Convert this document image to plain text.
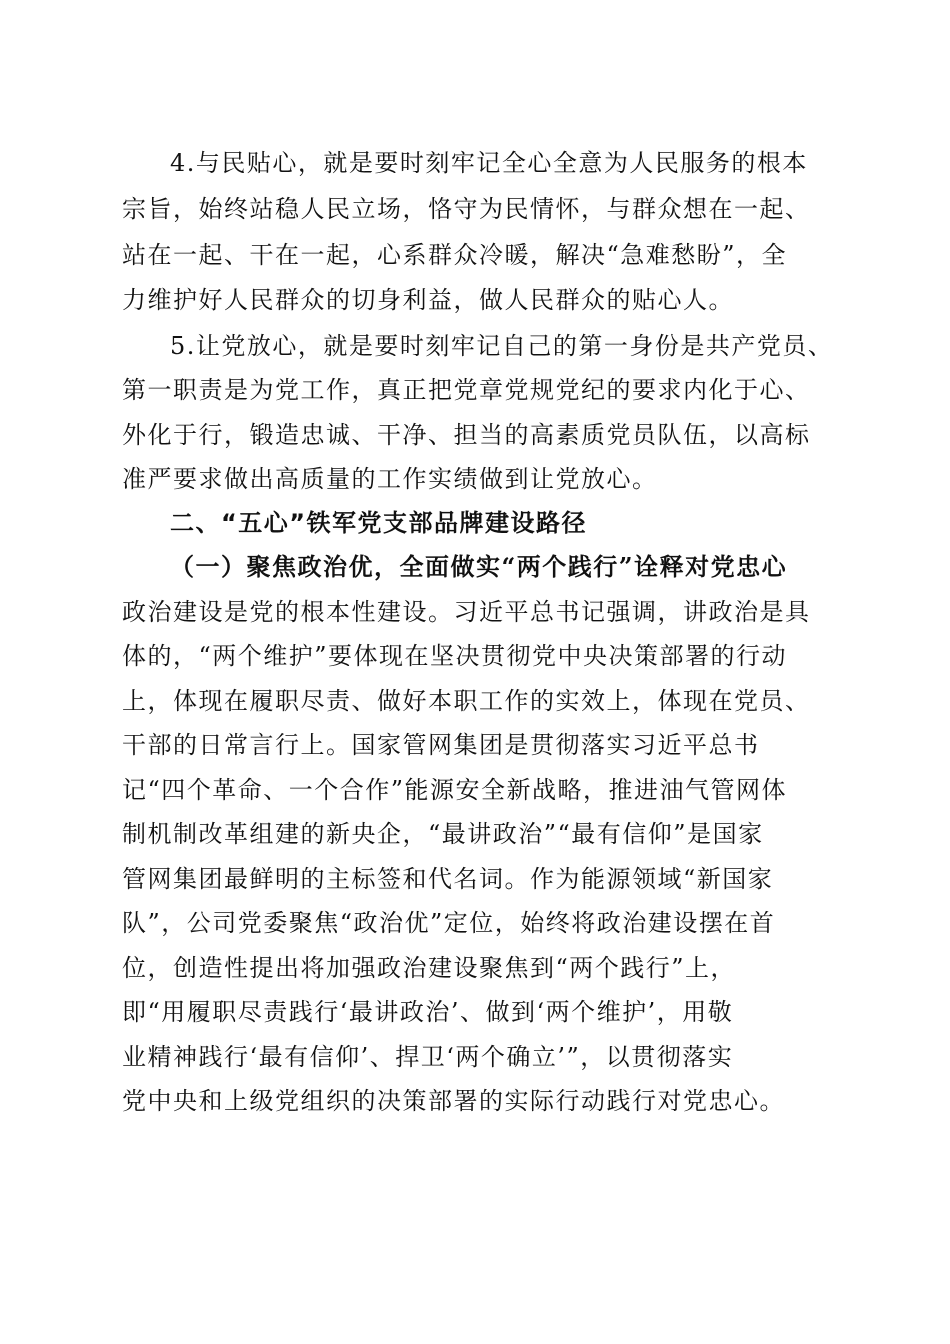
4.与民贴心，就是要时刻牢记全心全意为人民服务的根本
宗旨，始终站稳人民立场，恪守为民情怀，与群众想在一起、
站在一起、干在一起，心系群众冷暖，解决“急难愁盼”，全
力维护好人民群众的切身利益，做人民群众的贴心人。
5.让党放心，就是要时刻牢记自己的第一身份是共产党员、
第一职责是为党工作，真正把党章党规党纪的要求内化于心、
外化于行，锻造忠诚、干净、担当的高素质党员队伍，以高标
准严要求做出高质量的工作实绩做到让党放心。
二、“五心”铁军党支部品牌建设路径
（一）聚焦政治优，全面做实“两个践行”诠释对党忠心
政治建设是党的根本性建设。习近平总书记强调，讲政治是具
体的，“两个维护”要体现在坚决贯彻党中央决策部署的行动
上，体现在履职尽责、做好本职工作的实效上，体现在党员、
干部的日常言行上。国家管网集团是贯彻落实习近平总书
记“四个革命、一个合作”能源安全新战略，推进油气管网体
制机制改革组建的新央企，“最讲政治”“最有信仰”是国家
管网集团最鲜明的主标签和代名词。作为能源领域“新国家
队”，公司党委聚焦“政治优”定位，始终将政治建设摆在首
位，创造性提出将加强政治建设聚焦到“两个践行”上，
即“用履职尽责践行‘最讲政治’、做到‘两个维护’，用敬
业精神践行‘最有信仰’、捍卫‘两个确立’”，以贯彻落实
党中央和上级党组织的决策部署的实际行动践行对党忠心。
